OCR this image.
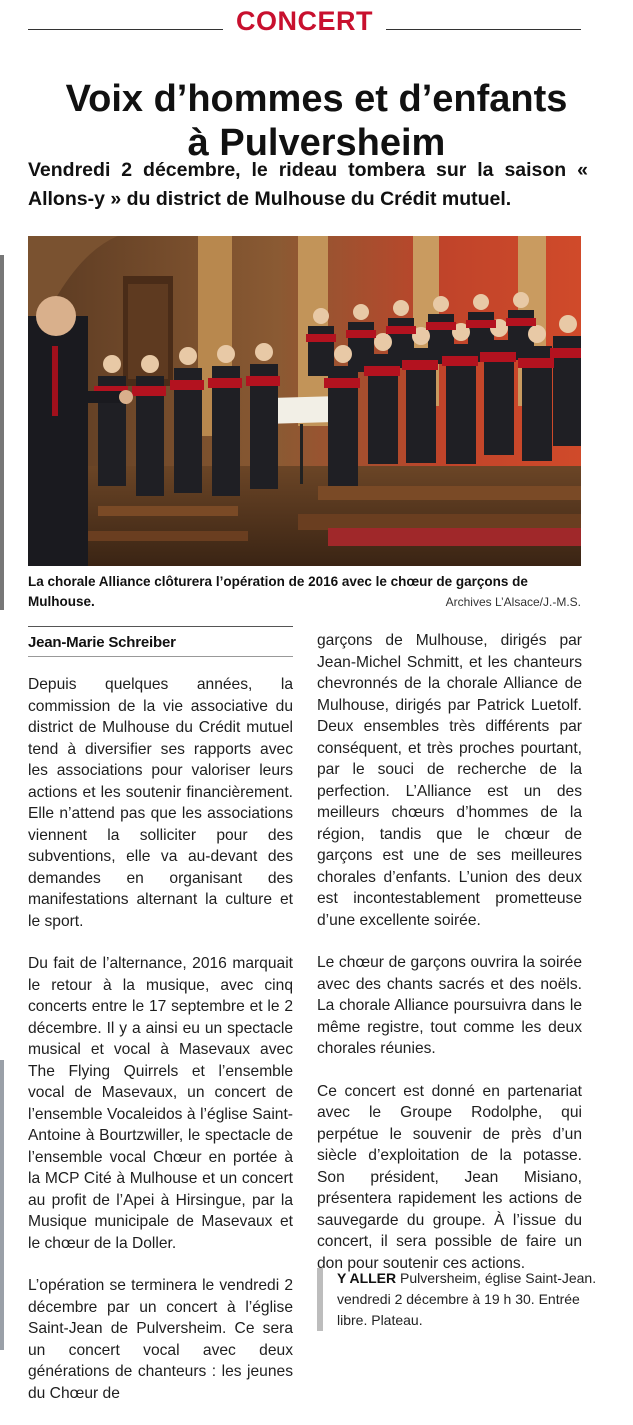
CONCERT
Voix d’hommes et d’enfants
à Pulversheim
Vendredi 2 décembre, le rideau tombera sur la saison « Allons-y » du district de Mulhouse du Crédit mutuel.
La chorale Alliance clôturera l’opération de 2016 avec le chœur de garçons de Mulhouse.	Archives L’Alsace/J.-M.S.
Jean-Marie Schreiber

Depuis quelques années, la commission de la vie associative du district de Mulhouse du Crédit mutuel tend à diversifier ses rapports avec les associations pour valoriser leurs actions et les soutenir financièrement. Elle n’attend pas que les associations viennent la solliciter pour des subventions, elle va au-devant des demandes en organisant des manifestations alternant la culture et le sport.

Du fait de l’alternance, 2016 marquait le retour à la musique, avec cinq concerts entre le 17 septembre et le 2 décembre. Il y a ainsi eu un spectacle musical et vocal à Masevaux avec The Flying Quirrels et l’ensemble vocal de Masevaux, un concert de l’ensemble Vocaleidos à l’église Saint-Antoine à Bourtzwiller, le spectacle de l’ensemble vocal Chœur en portée à la MCP Cité à Mulhouse et un concert au profit de l’Apei à Hirsingue, par la Musique municipale de Masevaux et le chœur de la Doller.

L’opération se terminera le vendredi 2 décembre par un concert à l’église Saint-Jean de Pulversheim. Ce sera un concert vocal avec deux générations de chanteurs : les jeunes du Chœur de

garçons de Mulhouse, dirigés par Jean-Michel Schmitt, et les chanteurs chevronnés de la chorale Alliance de Mulhouse, dirigés par Patrick Luetolf. Deux ensembles très différents par conséquent, et très proches pourtant, par le souci de recherche de la perfection. L’Alliance est un des meilleurs chœurs d’hommes de la région, tandis que le chœur de garçons est une de ses meilleures chorales d’enfants. L’union des deux est incontestablement prometteuse d’une excellente soirée.

Le chœur de garçons ouvrira la soirée avec des chants sacrés et des noëls. La chorale Alliance poursuivra dans le même registre, tout comme les deux chorales réunies.

Ce concert est donné en partenariat avec le Groupe Rodolphe, qui perpétue le souvenir de près d’un siècle d’exploitation de la potasse. Son président, Jean Misiano, présentera rapidement les actions de sauvegarde du groupe. À l’issue du concert, il sera possible de faire un don pour soutenir ces actions.

Y ALLER Pulversheim, église Saint-Jean. vendredi 2 décembre à 19 h 30. Entrée libre. Plateau.
